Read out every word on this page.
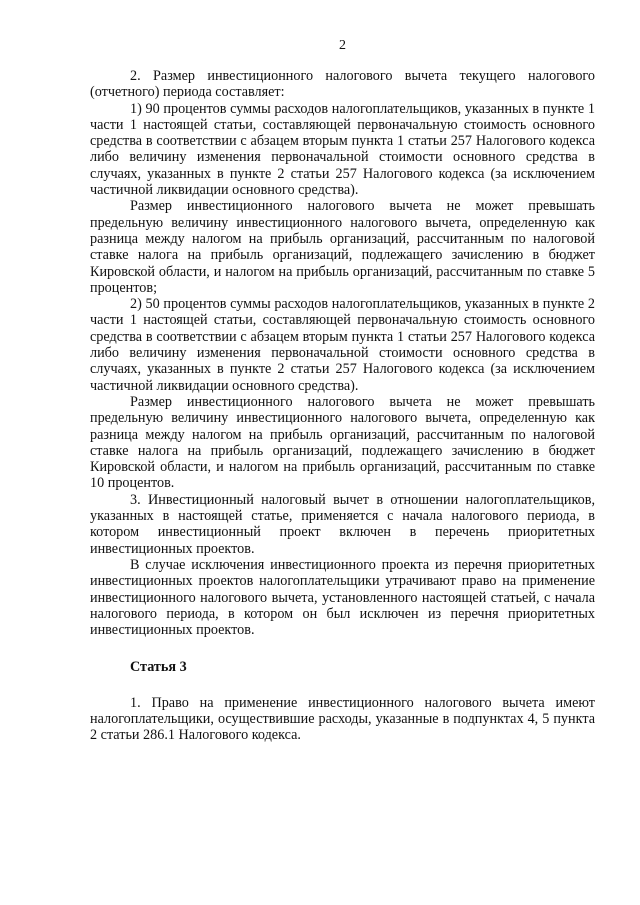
2

2. Размер инвестиционного налогового вычета текущего налогового (отчетного) периода составляет:

1) 90 процентов суммы расходов налогоплательщиков, указанных в пункте 1 части 1 настоящей статьи, составляющей первоначальную стоимость основного средства в соответствии с абзацем вторым пункта 1 статьи 257 Налогового кодекса либо величину изменения первоначальной стоимости основного средства в случаях, указанных в пункте 2 статьи 257 Налогового кодекса (за исключением частичной ликвидации основного средства).

Размер инвестиционного налогового вычета не может превышать предельную величину инвестиционного налогового вычета, определенную как разница между налогом на прибыль организаций, рассчитанным по налоговой ставке налога на прибыль организаций, подлежащего зачислению в бюджет Кировской области, и налогом на прибыль организаций, рассчитанным по ставке 5 процентов;

2) 50 процентов суммы расходов налогоплательщиков, указанных в пункте 2 части 1 настоящей статьи, составляющей первоначальную стоимость основного средства в соответствии с абзацем вторым пункта 1 статьи 257 Налогового кодекса либо величину изменения первоначальной стоимости основного средства в случаях, указанных в пункте 2 статьи 257 Налогового кодекса (за исключением частичной ликвидации основного средства).

Размер инвестиционного налогового вычета не может превышать предельную величину инвестиционного налогового вычета, определенную как разница между налогом на прибыль организаций, рассчитанным по налоговой ставке налога на прибыль организаций, подлежащего зачислению в бюджет Кировской области, и налогом на прибыль организаций, рассчитанным по ставке 10 процентов.

3. Инвестиционный налоговый вычет в отношении налогоплательщиков, указанных в настоящей статье, применяется с начала налогового периода, в котором инвестиционный проект включен в перечень приоритетных инвестиционных проектов.

В случае исключения инвестиционного проекта из перечня приоритетных инвестиционных проектов налогоплательщики утрачивают право на применение инвестиционного налогового вычета, установленного настоящей статьей, с начала налогового периода, в котором он был исключен из перечня приоритетных инвестиционных проектов.

Статья 3

1. Право на применение инвестиционного налогового вычета имеют налогоплательщики, осуществившие расходы, указанные в подпунктах 4, 5 пункта 2 статьи 286.1 Налогового кодекса.
